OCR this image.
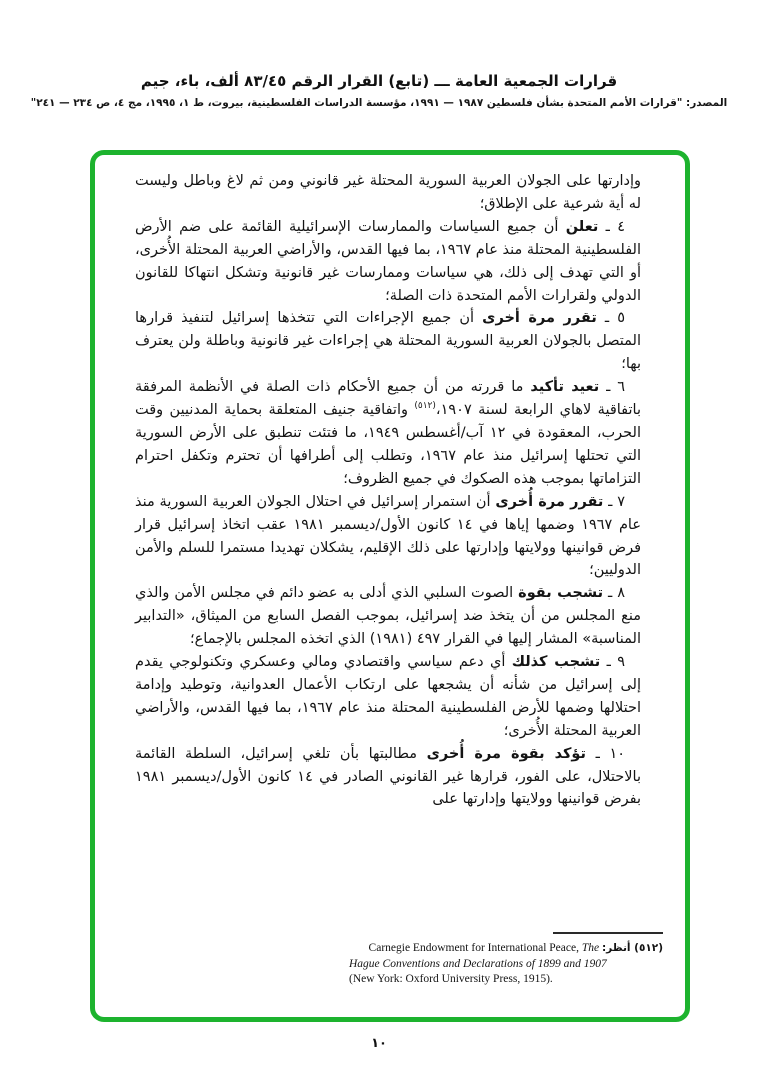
قرارات الجمعية العامة ـــ (تابع) القرار الرقم ٨٣/٤٥ ألف، باء، جيم
المصدر: "قرارات الأمم المتحدة بشأن فلسطين ١٩٨٧ — ١٩٩١، مؤسسة الدراسات الفلسطينية، بيروت، ط ١، ١٩٩٥، مج ٤، ص ٢٣٤ — ٢٤١"

وإدارتها على الجولان العربية السورية المحتلة غير قانوني ومن ثم لاغ وباطل وليست له أية شرعية على الإطلاق؛

٤ ـ تعلن أن جميع السياسات والممارسات الإسرائيلية القائمة على ضم الأرض الفلسطينية المحتلة منذ عام ١٩٦٧، بما فيها القدس، والأراضي العربية المحتلة الأُخرى، أو التي تهدف إلى ذلك، هي سياسات وممارسات غير قانونية وتشكل انتهاكا للقانون الدولي ولقرارات الأمم المتحدة ذات الصلة؛

٥ ـ تقرر مرة أخرى أن جميع الإجراءات التي تتخذها إسرائيل لتنفيذ قرارها المتصل بالجولان العربية السورية المحتلة هي إجراءات غير قانونية وباطلة ولن يعترف بها؛

٦ ـ تعيد تأكيد ما قررته من أن جميع الأحكام ذات الصلة في الأنظمة المرفقة باتفاقية لاهاي الرابعة لسنة ١٩٠٧،$^{(٥١٢)}$ واتفاقية جنيف المتعلقة بحماية المدنيين وقت الحرب، المعقودة في ١٢ آب/أغسطس ١٩٤٩، ما فتئت تنطبق على الأرض السورية التي تحتلها إسرائيل منذ عام ١٩٦٧، وتطلب إلى أطرافها أن تحترم وتكفل احترام التزاماتها بموجب هذه الصكوك في جميع الظروف؛

٧ ـ تقرر مرة أُخرى أن استمرار إسرائيل في احتلال الجولان العربية السورية منذ عام ١٩٦٧ وضمها إياها في ١٤ كانون الأول/ديسمبر ١٩٨١ عقب اتخاذ إسرائيل قرار فرض قوانينها وولايتها وإدارتها على ذلك الإقليم، يشكلان تهديدا مستمرا للسلم والأمن الدوليين؛

٨ ـ تشجب بقوة الصوت السلبي الذي أدلى به عضو دائم في مجلس الأمن والذي منع المجلس من أن يتخذ ضد إسرائيل، بموجب الفصل السابع من الميثاق، «التدابير المناسبة» المشار إليها في القرار ٤٩٧ (١٩٨١) الذي اتخذه المجلس بالإجماع؛

٩ ـ تشجب كذلك أي دعم سياسي واقتصادي ومالي وعسكري وتكنولوجي يقدم إلى إسرائيل من شأنه أن يشجعها على ارتكاب الأعمال العدوانية، وتوطيد وإدامة احتلالها وضمها للأرض الفلسطينية المحتلة منذ عام ١٩٦٧، بما فيها القدس، والأراضي العربية المحتلة الأُخرى؛

١٠ ـ تؤكد بقوة مرة أُخرى مطالبتها بأن تلغي إسرائيل، السلطة القائمة بالاحتلال، على الفور، قرارها غير القانوني الصادر في ١٤ كانون الأول/ديسمبر ١٩٨١ بفرض قوانينها وولايتها وإدارتها على

(٥١٢) أنظر: Carnegie Endowment for International Peace, The
Hague Conventions and Declarations of 1899 and 1907
(New York: Oxford University Press, 1915).
١٠
